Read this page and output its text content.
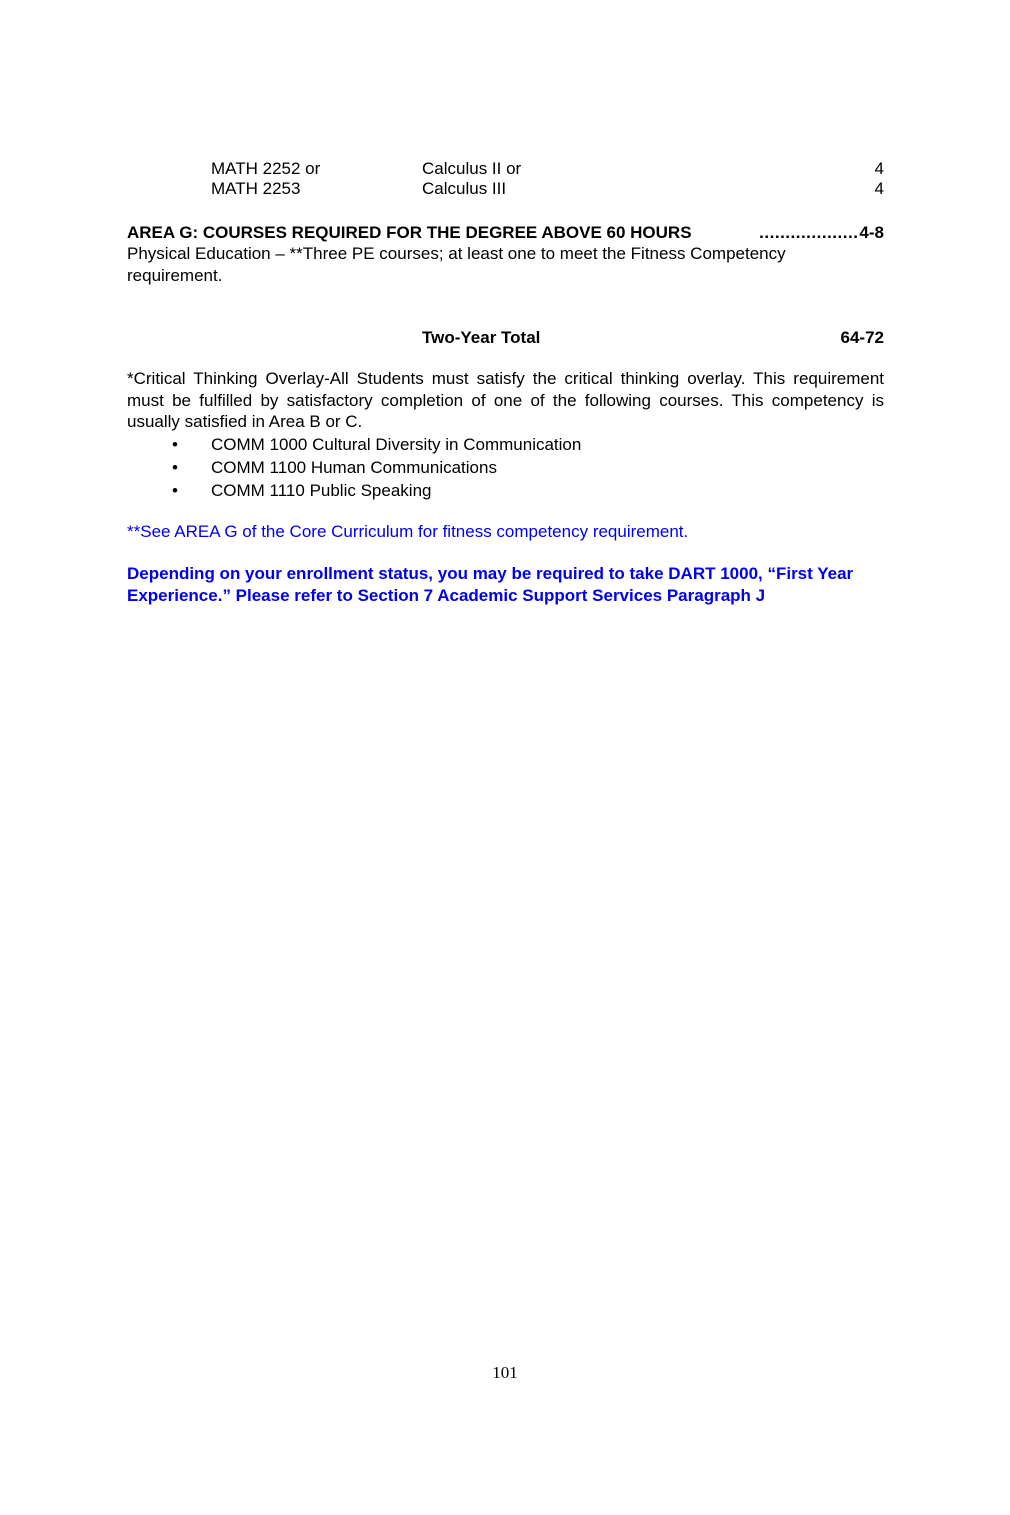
MATH 2252 or	Calculus II or	4
MATH 2253	Calculus III	4
AREA G: COURSES REQUIRED FOR THE DEGREE ABOVE 60 HOURS	4-8
...................
Physical Education – **Three PE courses; at least one to meet the Fitness Competency requirement.
Two-Year Total	64-72
*Critical Thinking Overlay-All Students must satisfy the critical thinking overlay. This requirement must be fulfilled by satisfactory completion of one of the following courses. This competency is usually satisfied in Area B or C.
• COMM 1000 Cultural Diversity in Communication
• COMM 1100 Human Communications
• COMM 1110 Public Speaking
**See AREA G of the Core Curriculum for fitness competency requirement.
Depending on your enrollment status, you may be required to take DART 1000, “First Year Experience.” Please refer to Section 7 Academic Support Services Paragraph J
101
